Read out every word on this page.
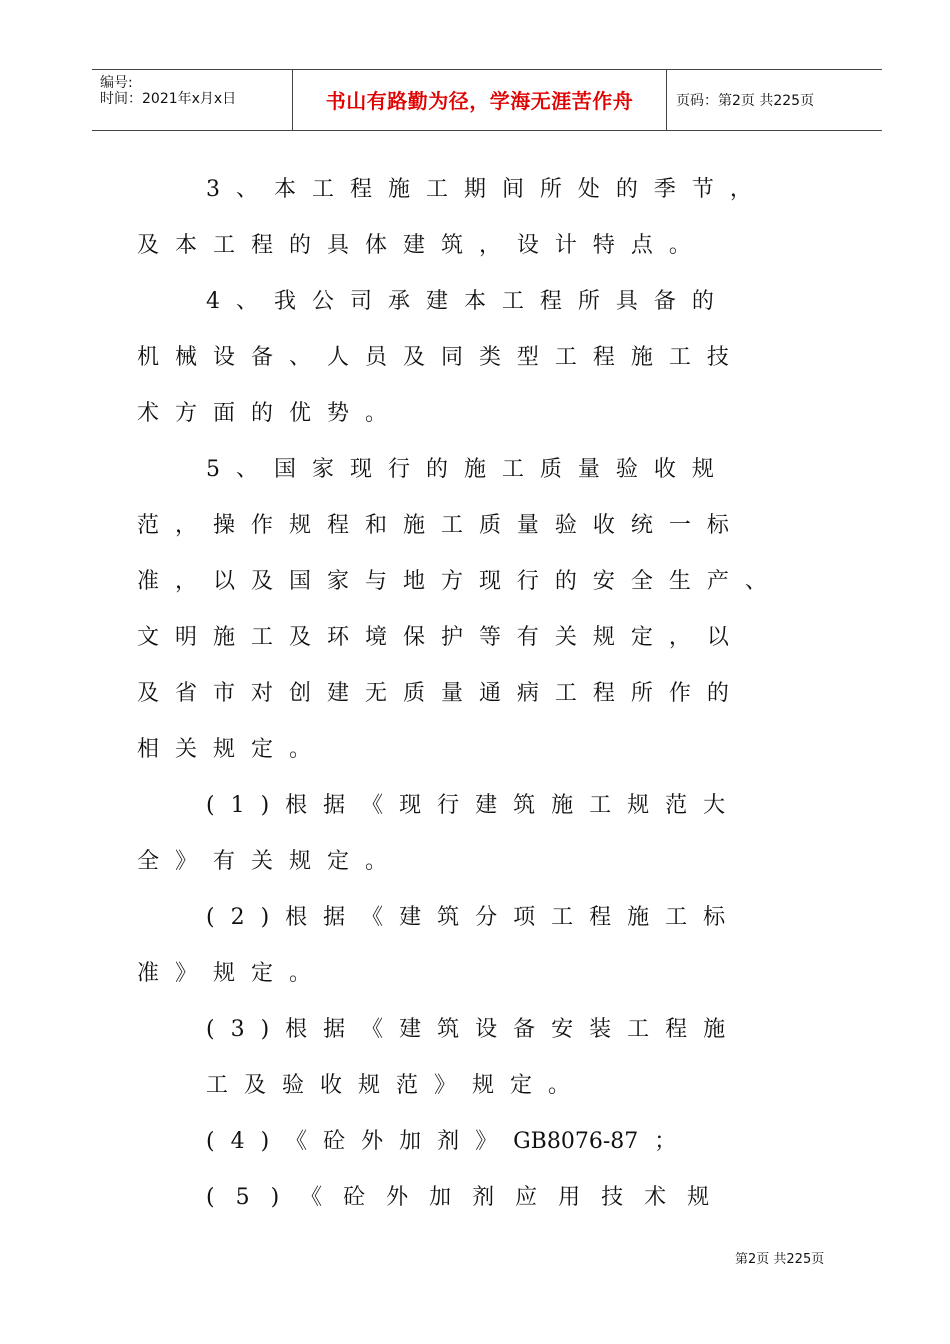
编号:
时间：2021年x月x日	书山有路勤为径，学海无涯苦作舟	页码：第2页 共225页
3 、 本 工 程 施 工 期 间 所 处 的 季 节 ，
及 本 工 程 的 具 体 建 筑 ， 设 计 特 点 。
4 、 我 公 司 承 建 本 工 程 所 具 备 的
机 械 设 备 、 人 员 及 同 类 型 工 程 施 工 技
术 方 面 的 优 势 。
5 、 国 家 现 行 的 施 工 质 量 验 收 规
范 ， 操 作 规 程 和 施 工 质 量 验 收 统 一 标
准 ， 以 及 国 家 与 地 方 现 行 的 安 全 生 产 、
文 明 施 工 及 环 境 保 护 等 有 关 规 定 ， 以
及 省 市 对 创 建 无 质 量 通 病 工 程 所 作 的
相 关 规 定 。
( 1 ) 根 据 《 现 行 建 筑 施 工 规 范 大
全 》 有 关 规 定 。
( 2 ) 根 据 《 建 筑 分 项 工 程 施 工 标
准 》 规 定 。
( 3 ) 根 据 《 建 筑 设 备 安 装 工 程 施
工 及 验 收 规 范 》 规 定 。
( 4 ) 《 砼 外 加 剂 》 GB8076-87 ；
( 5 ) 《 砼 外 加 剂 应 用 技 术 规
第2页 共225页
